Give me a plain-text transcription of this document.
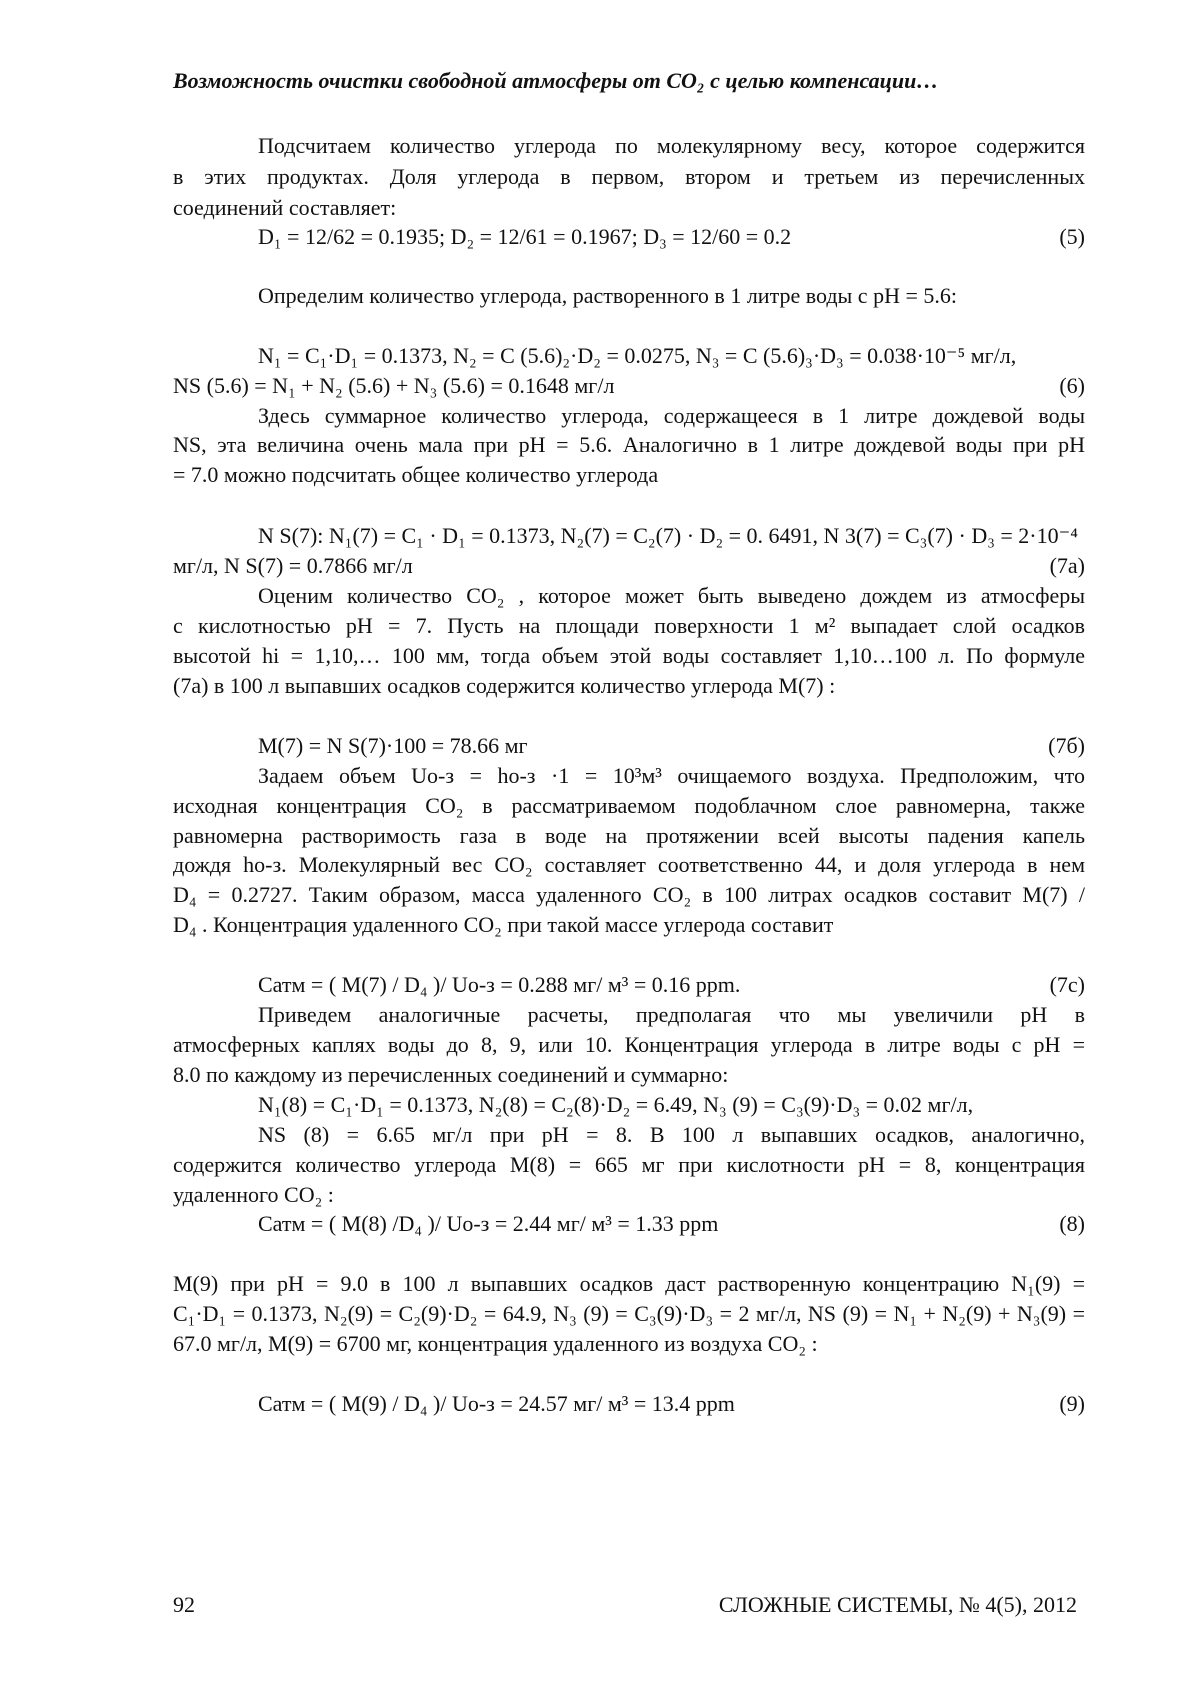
Возможность очистки свободной атмосферы от CO₂ с целью компенсации…
Подсчитаем количество углерода по молекулярному весу, которое содержится
в этих продуктах. Доля углерода в первом, втором и третьем из перечисленных
соединений составляет:
D₁ = 12/62 = 0.1935; D₂ = 12/61 = 0.1967; D₃ = 12/60 = 0.2	(5)
Определим количество углерода, растворенного в 1 литре воды с pH = 5.6:
N₁ = C₁·D₁ = 0.1373, N₂ = C (5.6)₂·D₂ = 0.0275, N₃ = C (5.6)₃·D₃ = 0.038·10⁻⁵ мг/л,
NS (5.6) = N₁ + N₂ (5.6) + N₃ (5.6) = 0.1648 мг/л	(6)
Здесь суммарное количество углерода, содержащееся в 1 литре дождевой воды
NS, эта величина очень мала при pH = 5.6. Аналогично в 1 литре дождевой воды при pH
= 7.0 можно подсчитать общее количество углерода
N S(7): N₁(7) = C₁ · D₁ = 0.1373, N₂(7) = C₂(7) · D₂ = 0. 6491, N 3(7) = C₃(7) · D₃ = 2·10⁻⁴
мг/л, N S(7) = 0.7866 мг/л	(7а)
Оценим количество CO₂ , которое может быть выведено дождем из атмосферы
с кислотностью pH = 7. Пусть на площади поверхности 1 м² выпадает слой осадков
высотой hi = 1,10,… 100 мм, тогда объем этой воды составляет 1,10…100 л. По формуле
(7а) в 100 л выпавших осадков содержится количество углерода M(7) :
M(7) = N S(7)·100 = 78.66 мг	(7б)
Задаем объем Uo-з = ho-з ·1 = 10³м³ очищаемого воздуха. Предположим, что
исходная концентрация CO₂ в рассматриваемом подоблачном слое равномерна, также
равномерна растворимость газа в воде на протяжении всей высоты падения капель
дождя hо-з. Молекулярный вес CO₂ составляет соответственно 44, и доля углерода в нем
D₄ = 0.2727. Таким образом, масса удаленного CO₂ в 100 литрах осадков составит M(7) /
D₄ . Концентрация удаленного CO₂ при такой массе углерода составит
Cатм = ( M(7) / D₄ )/ Uo-з = 0.288 мг/ м³ = 0.16 ppm.	(7с)
Приведем аналогичные расчеты, предполагая что мы увеличили pH в
атмосферных каплях воды до 8, 9, или 10. Концентрация углерода в литре воды с pH =
8.0 по каждому из перечисленных соединений и суммарно:
N₁(8) = C₁·D₁ = 0.1373, N₂(8) = C₂(8)·D₂ = 6.49, N₃ (9) = C₃(9)·D₃ = 0.02 мг/л,
NS (8) = 6.65 мг/л при pH = 8. В 100 л выпавших осадков, аналогично,
содержится количество углерода M(8) = 665 мг при кислотности pH = 8, концентрация
удаленного CO₂ :
Cатм = ( M(8) /D₄ )/ Uo-з = 2.44 мг/ м³ = 1.33 ppm	(8)
M(9) при pH = 9.0 в 100 л выпавших осадков даст растворенную концентрацию N₁(9) =
C₁·D₁ = 0.1373, N₂(9) = C₂(9)·D₂ = 64.9, N₃ (9) = C₃(9)·D₃ = 2 мг/л, NS (9) = N₁ + N₂(9) + N₃(9) =
67.0 мг/л, M(9) = 6700 мг, концентрация удаленного из воздуха CO₂ :
Cатм = ( M(9) / D₄ )/ Uo-з = 24.57 мг/ м³ = 13.4 ppm	(9)
92	СЛОЖНЫЕ СИСТЕМЫ, № 4(5), 2012
